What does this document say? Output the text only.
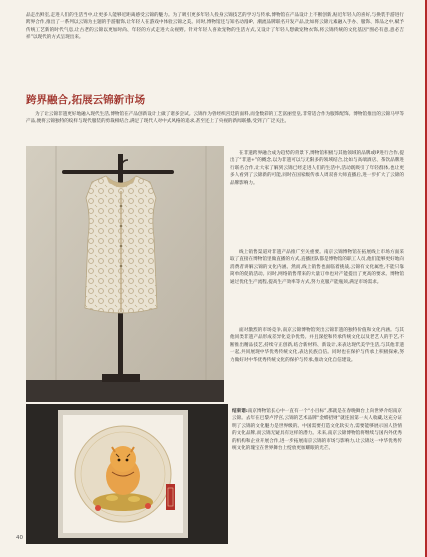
品走出鲜室,走进人们的生活当中,让更多人能够近距离感受云锦的魅力。为了吸引更多年轻人投身云锦技艺的学习与传承,博物馆在产品设计上不断创新,贴近年轻人的喜好,与换装手游进行跨界合作,推出了一系列以云锦为主题的手游服饰,让年轻人在游戏中体验云锦之美。同时,博物馆还与知名动漫IP、潮流品牌联名开发产品,比如将云锦元素融入手办、服饰、饰品之中,赋予传统工艺新的时代气息,让古老的云锦以更加时尚、年轻的方式走进大众视野。针对年轻人喜欢宠物的生活方式,又设计了年轻人想做宠物衣饰,将云锦传统的文化基因“图必有意,意必吉祥”以现代的方式呈现出来。

跨界融合,拓展云锦新市场

为了让云锦非遗更好地融入现代生活,博物馆在产品创新设计上做了诸多尝试。云锦作为曾经织宫廷的面料,而金数彩的工艺富丽堂皇,非常适合作为服饰配饰。博物馆推出的云锦马甲等产品,便将云锦独特的纹样与现代服装的剪裁相结合,满足了现代人对中式风格的追求,甚至还上了央视的新闻联播,受到了广泛关注。

在非遗跨界融合成为趋势的背景下,博物馆积极与其他领域的品牌或IP进行合作,提出了“非遗+”的概念,以为非遗可以与无限多的领域结合,比如与高端酒店、茶饮品牌进行联名合作,让大家了解到云锦已经走进人们的生活中,活动既吸引了年轻群体,也让更多人看到了云锦新的可能,同时在国家级传承人周双喜大师直播后,进一步扩大了云锦的品牌影响力。

线上销售渠道对非遗产品推广至关重要。南京云锦博物馆在拓展线上市场方面采取了直接在博物馆里做直播的方式,直播团队都是博物馆的职工人员,他们能够更好地向消费者讲解云锦的文化内涵。然而,线上销售也面临着挑战,云锦有文化属性,不能只靠简单的促销活动。同时,网络销售带来的大量订单也对产能提出了更高的要求。博物馆通过优化生产流程,提高生产效率等方式,努力克服产能瓶颈,满足市场需求。

面对激烈的市场竞争,南京云锦博物馆突出云锦非遗的独特价值和文化内涵。与其他同类非遗产品形成差异化竞争优势。并且深挖和传承传统文化以及老艺人的手艺,不断推出精品技艺,持续守正创新,结合新材料、新设计,来表达现代美学生活,与其他非遗一起,共同展现中华优秀传统文化,表达民族自信。同时也在保护与传承上积极探索,努力做好对中华优秀传统文化的保护与传承,推动文化自信建设。

结束语:南京博物馆长心中一直有一个“小目标”,那就是在春晚舞台上向世界介绍南京云锦。去年在巴黎卢浮宫,云锦的艺术品牌“金蟒招财”就连国第一夫人收藏,这充分证明了云锦的文化魅力是世界级的。中国需要打造文化软实力,需要能够展示国人热情的文化品牌,而云锦无疑具有这样的潜力。未来,南京云锦博物馆将继续与国内外优秀的机构和企业开展合作,进一步拓展南京云锦的市场与影响力,让云锦这一中华优秀传统文化的瑰宝在世界舞台上绽放更加耀眼的光芒。

40
